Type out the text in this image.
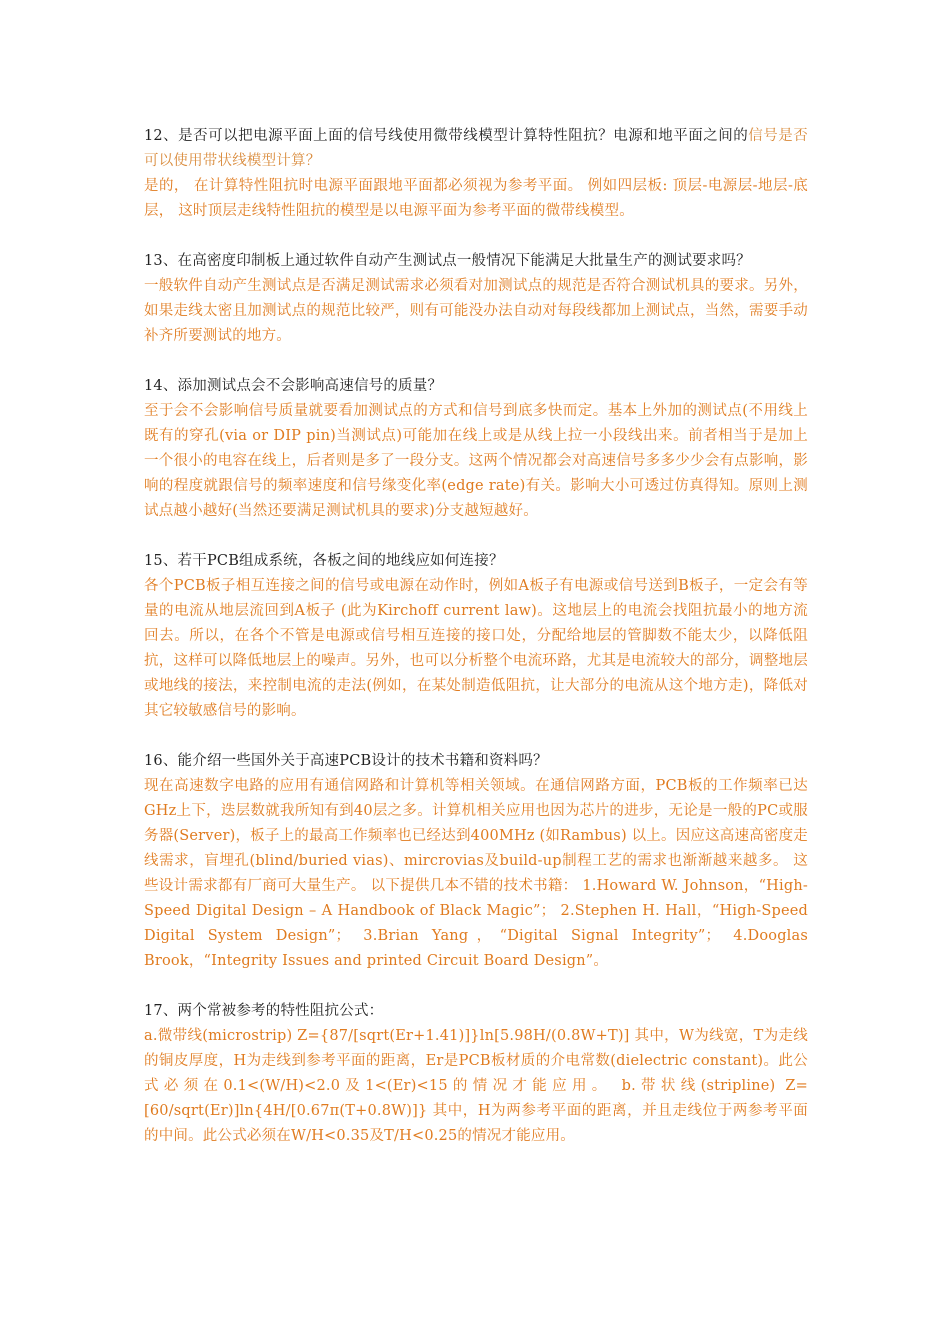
12、是否可以把电源平面上面的信号线使用微带线模型计算特性阻抗？电源和地平面之间的信号是否可以使用带状线模型计算？
是的， 在计算特性阻抗时电源平面跟地平面都必须视为参考平面。 例如四层板: 顶层-电源层-地层-底层， 这时顶层走线特性阻抗的模型是以电源平面为参考平面的微带线模型。
13、在高密度印制板上通过软件自动产生测试点一般情况下能满足大批量生产的测试要求吗？
一般软件自动产生测试点是否满足测试需求必须看对加测试点的规范是否符合测试机具的要求。另外，如果走线太密且加测试点的规范比较严，则有可能没办法自动对每段线都加上测试点，当然，需要手动补齐所要测试的地方。
14、添加测试点会不会影响高速信号的质量？
至于会不会影响信号质量就要看加测试点的方式和信号到底多快而定。基本上外加的测试点(不用线上既有的穿孔(via or DIP pin)当测试点)可能加在线上或是从线上拉一小段线出来。前者相当于是加上一个很小的电容在线上，后者则是多了一段分支。这两个情况都会对高速信号多多少少会有点影响，影响的程度就跟信号的频率速度和信号缘变化率(edge rate)有关。影响大小可透过仿真得知。原则上测试点越小越好(当然还要满足测试机具的要求)分支越短越好。
15、若干PCB组成系统，各板之间的地线应如何连接？
各个PCB板子相互连接之间的信号或电源在动作时，例如A板子有电源或信号送到B板子，一定会有等量的电流从地层流回到A板子 (此为Kirchoff current law)。这地层上的电流会找阻抗最小的地方流回去。所以，在各个不管是电源或信号相互连接的接口处，分配给地层的管脚数不能太少，以降低阻抗，这样可以降低地层上的噪声。另外，也可以分析整个电流环路，尤其是电流较大的部分，调整地层或地线的接法，来控制电流的走法(例如，在某处制造低阻抗，让大部分的电流从这个地方走)，降低对其它较敏感信号的影响。
16、能介绍一些国外关于高速PCB设计的技术书籍和资料吗？
现在高速数字电路的应用有通信网路和计算机等相关领域。在通信网路方面，PCB板的工作频率已达GHz上下，迭层数就我所知有到40层之多。计算机相关应用也因为芯片的进步，无论是一般的PC或服务器(Server)，板子上的最高工作频率也已经达到400MHz (如Rambus) 以上。因应这高速高密度走线需求，盲埋孔(blind/buried vias)、mircrovias及build-up制程工艺的需求也渐渐越来越多。 这些设计需求都有厂商可大量生产。 以下提供几本不错的技术书籍： 1.Howard W. Johnson，“High-Speed Digital Design – A Handbook of Black Magic”； 2.Stephen H. Hall，“High-Speed Digital System Design”； 3.Brian Yang，“Digital Signal Integrity”； 4.Dooglas Brook，“Integrity Issues and printed Circuit Board Design”。
17、两个常被参考的特性阻抗公式：
a.微带线(microstrip) Z={87/[sqrt(Er+1.41)]}ln[5.98H/(0.8W+T)] 其中，W为线宽，T为走线的铜皮厚度，H为走线到参考平面的距离，Er是PCB板材质的介电常数(dielectric constant)。此公式必须在0.1<(W/H)<2.0及1<(Er)<15的情况才能应用。 b.带状线(stripline) Z=[60/sqrt(Er)]ln{4H/[0.67π(T+0.8W)]} 其中，H为两参考平面的距离，并且走线位于两参考平面的中间。此公式必须在W/H<0.35及T/H<0.25的情况才能应用。
